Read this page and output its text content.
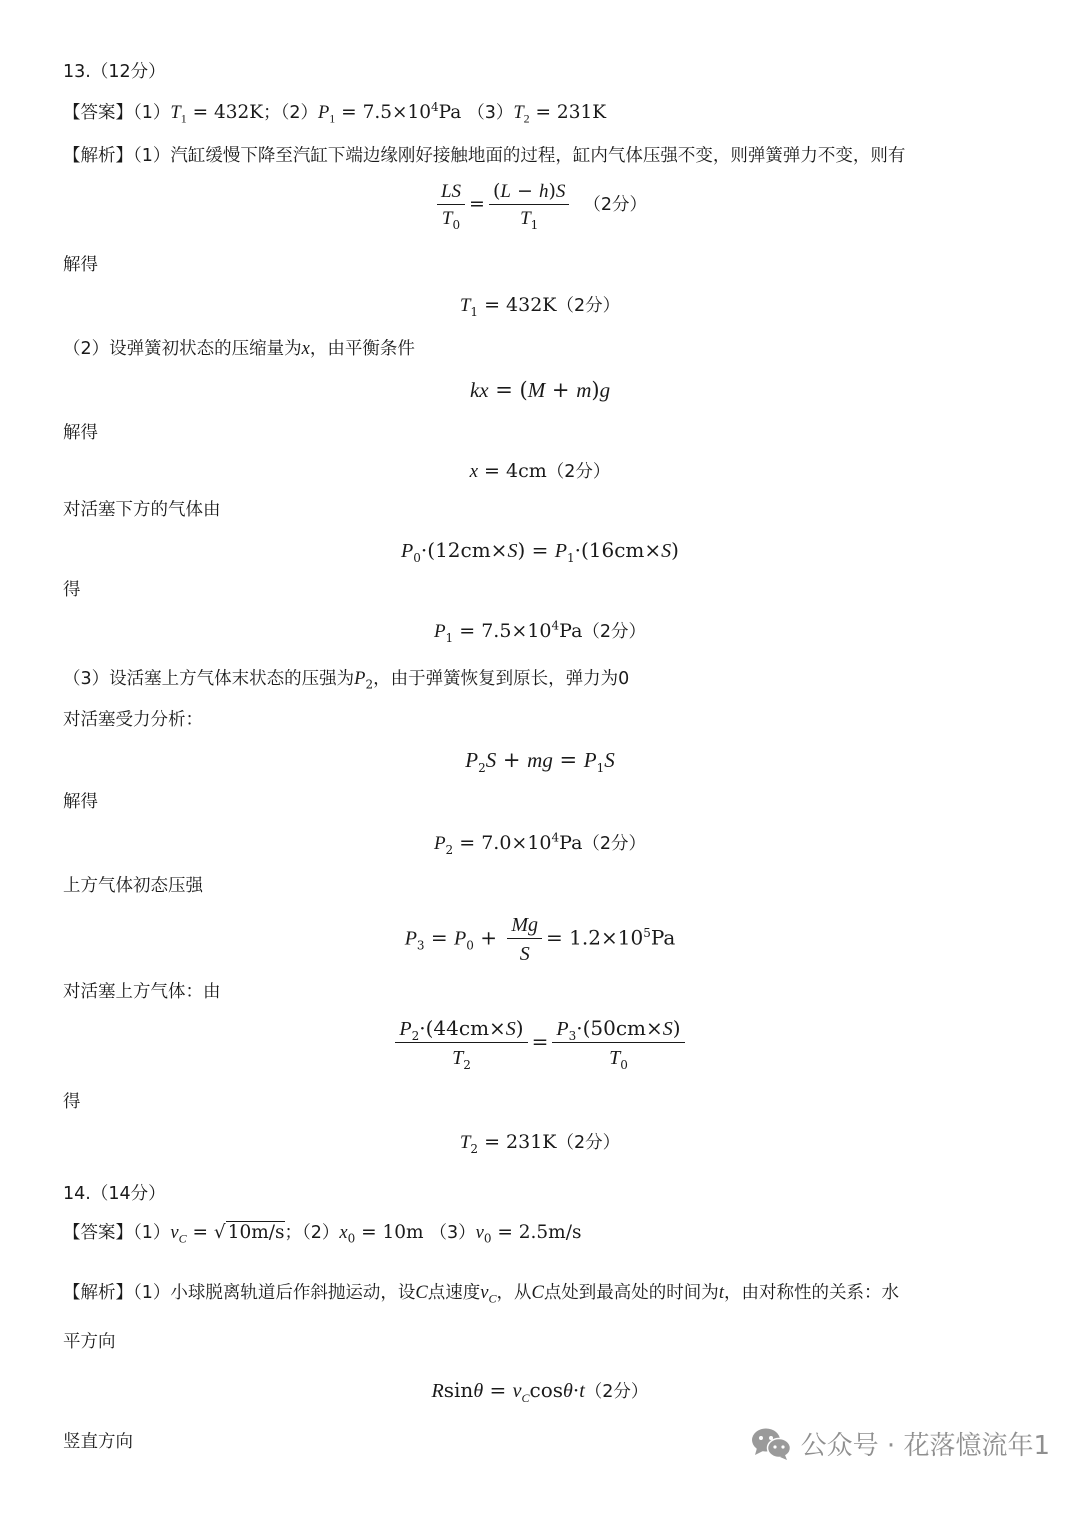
13.（12分）
【答案】$(1)T_1 = 432K$；$(2)P_1 = 7.5\times 10^4Pa$ $(3)T_2 = 231K$
【解析】（1）汽缸缓慢下降至汽缸下端边缘刚好接触地面的过程，缸内气体压强不变，则弹簧弹力不变，则有
$\frac{LS}{T_0} = \frac{(L - h)S}{T_1} (2$分）
解得
$T_1 = 432K(2$分）
（2）设弹簧初状态的压缩量为x，由平衡条件
kx = (M + m)g
解得
x = 4cm（2分）
对活塞下方的气体由
$P_0\cdot(12cm\times S) = P_1\cdot(16cm\times S)$
得
$P_1 = 7.5\times 10^4Pa(2$分）
（3）设活塞上方气体末状态的压强为$P_2$，由于弹簧恢复到原长，弹力为0
对活塞受力分析：
$P_2S$ + mg = $P_1S$
解得
$P_2 = 7.0\times 10^4Pa(2$分）
上方气体初态压强
$P_3 = P_0 + \frac{Mg}{S} = 1.2\times 10^5Pa$
对活塞上方气体：由
$\frac{P_2\cdot(44cm\times S)}{T_2} = \frac{P_3\cdot(50cm\times S)}{T_0}$
得
$T_2 = 231K(2$分）
14.（14分）
【答案】$(1)v_C$ = √ 10m/s；$(2)x_0 = 10m$ $(3)v_0 = 2.5m/s$
【解析】（1）小球脱离轨道后作斜抛运动，设C点速度$v_C$，从C点处到最高处的时间为t，由对称性的关系：水
平方向
$Rsin\theta = v_C\cos\theta\cdot t(2$分）
竖直方向	公众号 · 花落憶流年1
